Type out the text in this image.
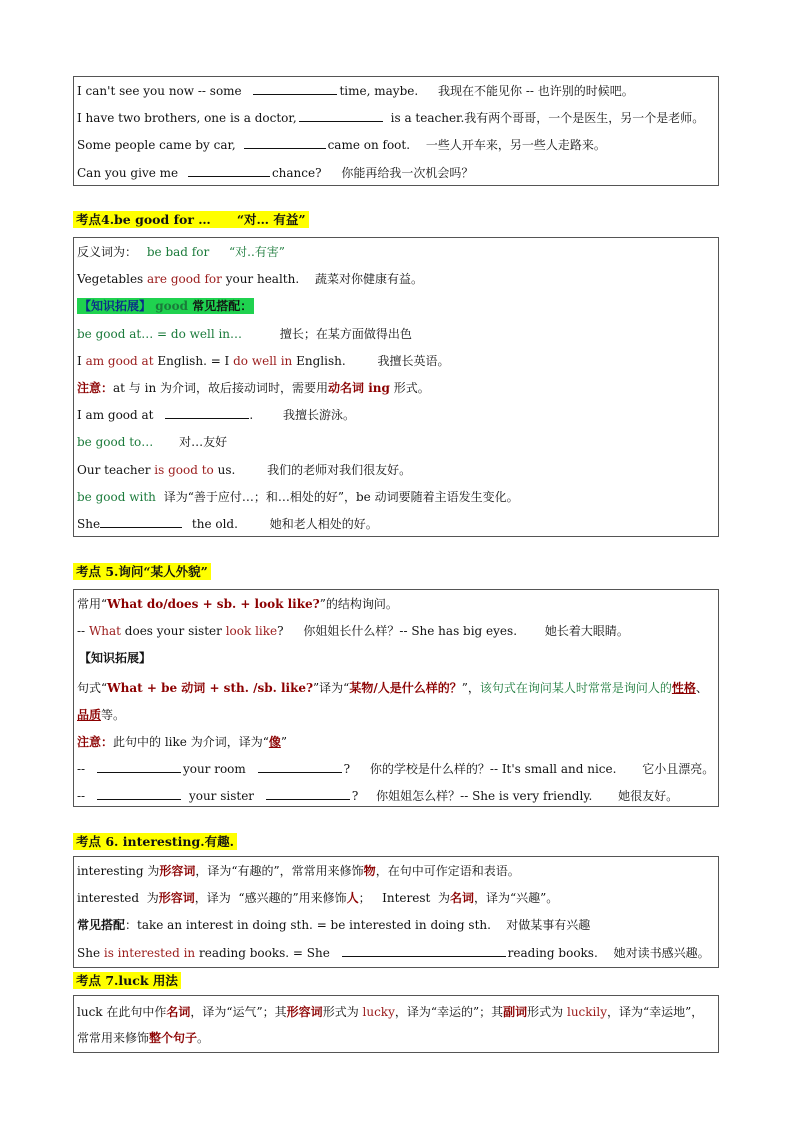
I can't see you now -- some	time, maybe. 我现在不能见你 -- 也许别的时候吧。
I have two brothers, one is a doctor,	is a teacher.我有两个哥哥，一个是医生，另一个是老师。
Some people came by car,	came on foot. 一些人开车来，另一些人走路来。
Can you give me	chance? 你能再给我一次机会吗？
考点4.be good for …      “对… 有益”
反义词为： be bad for “对..有害”
Vegetables are good for your health. 蔬菜对你健康有益。
【知识拓展】 good 常见搭配：
be good at… = do well in…	擅长；在某方面做得出色
I am good at English. = I do well in English.	我擅长英语。
注意：at 与 in 为介词，故后接动词时，需要用动名词 ing 形式。
I am good at	. 我擅长游泳。
be good to… 对…友好
Our teacher is good to us.	我们的老师对我们很友好。
be good with 译为“善于应付…；和…相处的好”，be 动词要随着主语发生变化。
She	the old.	她和老人相处的好。
考点 5.询问“某人外貌”
常用“What do/does + sb. + look like?”的结构询问。
-- What does your sister look like? 你姐姐长什么样？-- She has big eyes. 她长着大眼睛。
【知识拓展】
句式“What + be 动词 + sth. /sb. like?”译为“某物/人是什么样的？”，该句式在询问某人时常常是询问人的性格、品质等。
注意：此句中的 like 为介词，译为“像”
--	your room	? 你的学校是什么样的？-- It's small and nice. 它小且漂亮。
--	your sister	? 你姐姐怎么样？-- She is very friendly. 她很友好。
考点 6. interesting.有趣.
interesting 为形容词，译为“有趣的”，常常用来修饰物，在句中可作定语和表语。
interested  为形容词，译为  “感兴趣的”用来修饰人；   Interest  为名词，译为“兴趣”。
常见搭配：take an interest in doing sth. = be interested in doing sth.    对做某事有兴趣
She is interested in reading books. = She	reading books. 她对读书感兴趣。
考点 7.luck 用法
luck 在此句中作名词，译为“运气”；其形容词形式为 lucky，译为“幸运的”；其副词形式为 luckily，译为“幸运地”，常常用来修饰整个句子。
